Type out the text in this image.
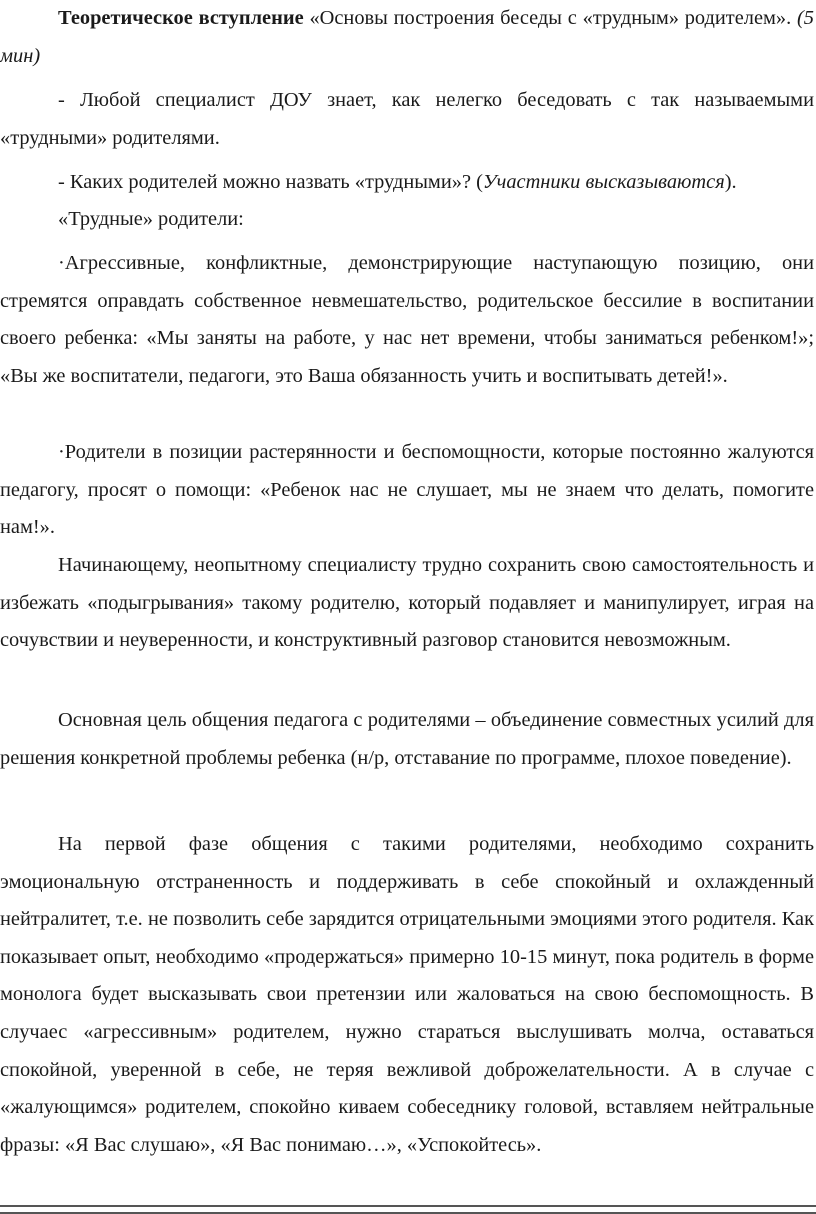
Теоретическое вступление «Основы построения беседы с «трудным» родителем». (5 мин)

- Любой специалист ДОУ знает, как нелегко беседовать с так называемыми «трудными» родителями.

- Каких родителей можно назвать «трудными»? (Участники высказываются).

«Трудные» родители:

·Агрессивные, конфликтные, демонстрирующие наступающую позицию, они стремятся оправдать собственное невмешательство, родительское бессилие в воспитании своего ребенка: «Мы заняты на работе, у нас нет времени, чтобы заниматься ребенком!»; «Вы же воспитатели, педагоги, это Ваша обязанность учить и воспитывать детей!».

·Родители в позиции растерянности и беспомощности, которые постоянно жалуются педагогу, просят о помощи: «Ребенок нас не слушает, мы не знаем что делать, помогите нам!».

Начинающему, неопытному специалисту трудно сохранить свою самостоятельность и избежать «подыгрывания» такому родителю, который подавляет и манипулирует, играя на сочувствии и неуверенности, и конструктивный разговор становится невозможным.

Основная цель общения педагога с родителями – объединение совместных усилий для решения конкретной проблемы ребенка (н/р, отставание по программе, плохое поведение).

На первой фазе общения с такими родителями, необходимо сохранить эмоциональную отстраненность и поддерживать в себе спокойный и охлажденный нейтралитет, т.е. не позволить себе зарядится отрицательными эмоциями этого родителя. Как показывает опыт, необходимо «продержаться» примерно 10-15 минут, пока родитель в форме монолога будет высказывать свои претензии или жаловаться на свою беспомощность. В случаес «агрессивным» родителем, нужно стараться выслушивать молча, оставаться спокойной, уверенной в себе, не теряя вежливой доброжелательности. А в случае с «жалующимся» родителем, спокойно киваем собеседнику головой, вставляем нейтральные фразы: «Я Вас слушаю», «Я Вас понимаю…», «Успокойтесь».
